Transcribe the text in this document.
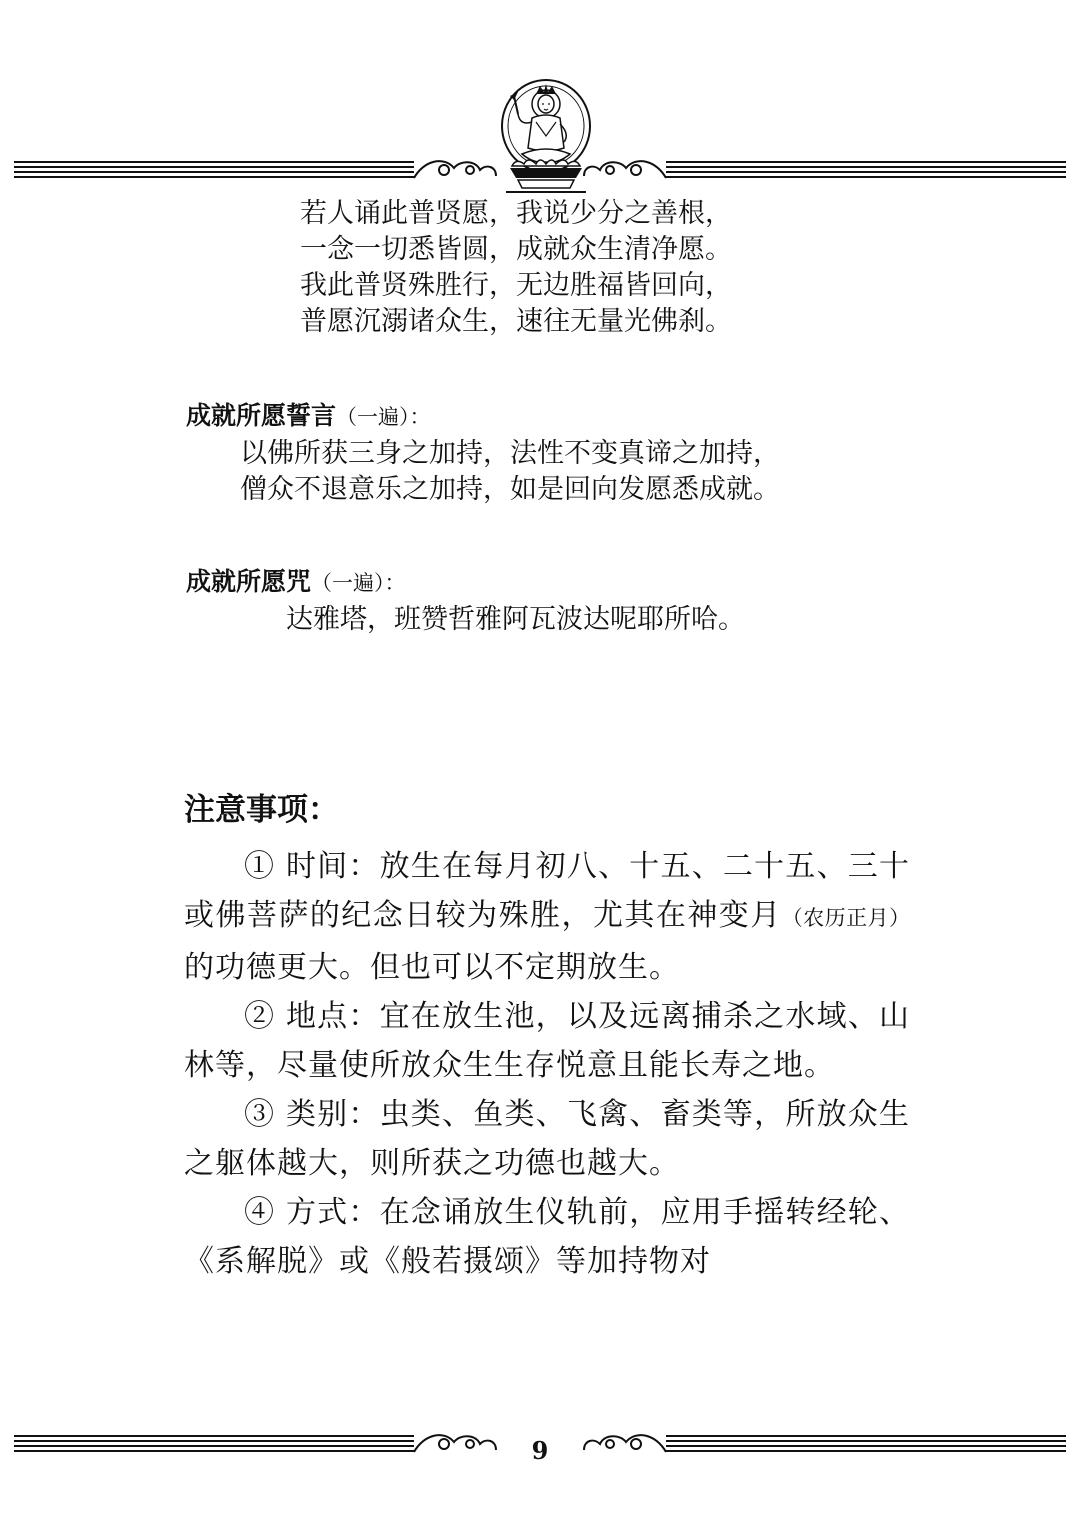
若人诵此普贤愿，我说少分之善根，
一念一切悉皆圆，成就众生清净愿。
我此普贤殊胜行，无边胜福皆回向，
普愿沉溺诸众生，速往无量光佛刹。
成就所愿誓言（一遍）：
以佛所获三身之加持，法性不变真谛之加持，
僧众不退意乐之加持，如是回向发愿悉成就。
成就所愿咒（一遍）：
达雅塔，班赞哲雅阿瓦波达呢耶所哈。
注意事项：

① 时间：放生在每月初八、十五、二十五、三十或佛菩萨的纪念日较为殊胜，尤其在神变月（农历正月）的功德更大。但也可以不定期放生。

② 地点：宜在放生池，以及远离捕杀之水域、山林等，尽量使所放众生生存悦意且能长寿之地。

③ 类别：虫类、鱼类、飞禽、畜类等，所放众生之躯体越大，则所获之功德也越大。

④ 方式：在念诵放生仪轨前，应用手摇转经轮、《系解脱》或《般若摄颂》等加持物对

9
